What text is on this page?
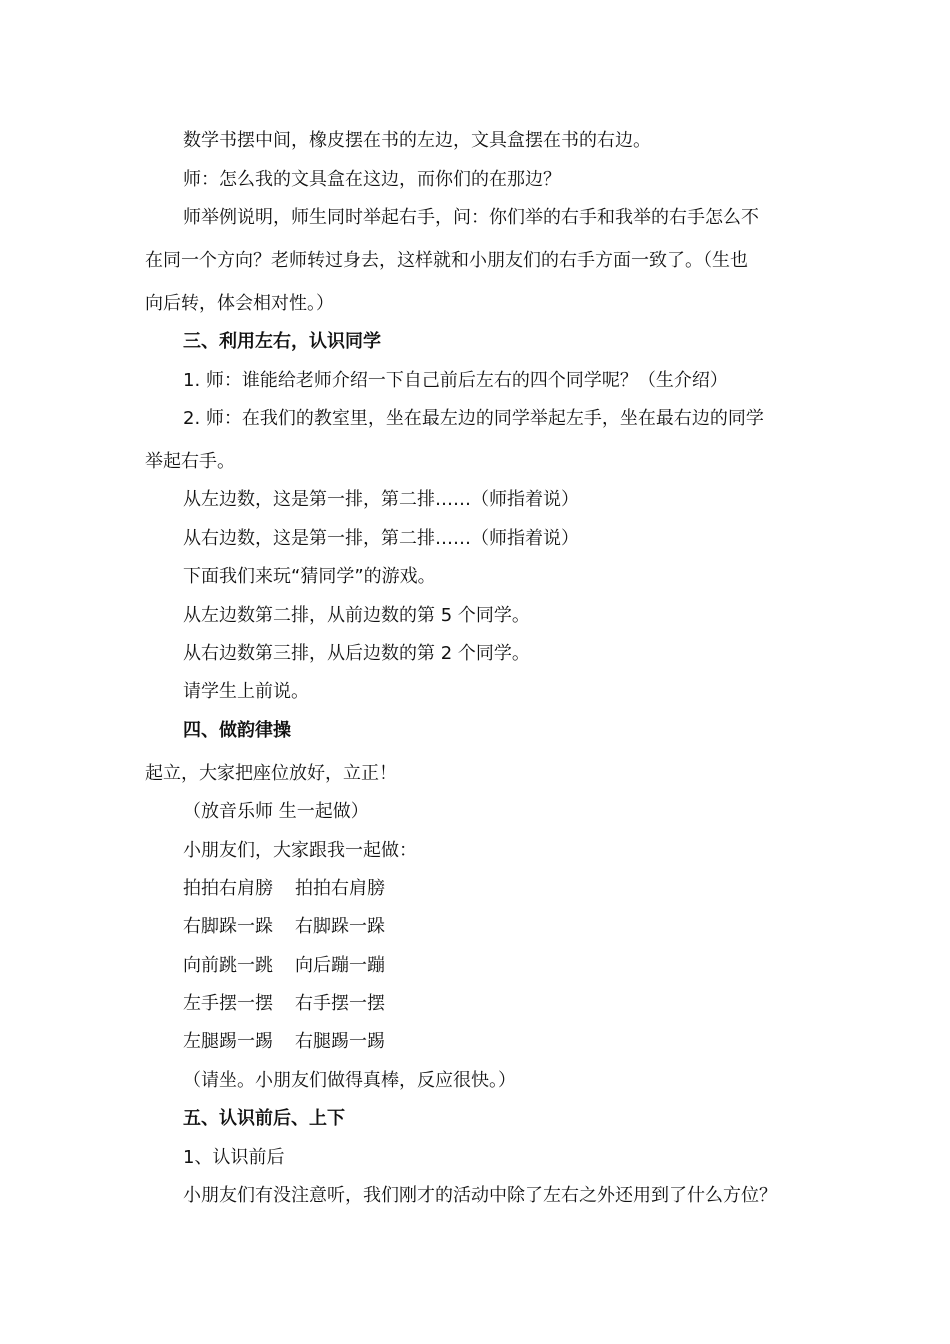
数学书摆中间，橡皮摆在书的左边，文具盒摆在书的右边。
师：怎么我的文具盒在这边，而你们的在那边？
师举例说明，师生同时举起右手，问：你们举的右手和我举的右手怎么不
在同一个方向？老师转过身去，这样就和小朋友们的右手方面一致了。（生也
向后转，体会相对性。）
三、利用左右，认识同学
1. 师：谁能给老师介绍一下自己前后左右的四个同学呢？（生介绍）
2. 师：在我们的教室里，坐在最左边的同学举起左手，坐在最右边的同学
举起右手。
从左边数，这是第一排，第二排……（师指着说）
从右边数，这是第一排，第二排……（师指着说）
下面我们来玩“猜同学”的游戏。
从左边数第二排，从前边数的第 5 个同学。
从右边数第三排，从后边数的第 2 个同学。
请学生上前说。
四、做韵律操
起立，大家把座位放好，立正！
（放音乐师 生一起做）
小朋友们，大家跟我一起做：
拍拍右肩膀 拍拍右肩膀
右脚跺一跺 右脚跺一跺
向前跳一跳 向后蹦一蹦
左手摆一摆 右手摆一摆
左腿踢一踢 右腿踢一踢
（请坐。小朋友们做得真棒，反应很快。）
五、认识前后、上下
1、认识前后
小朋友们有没注意听，我们刚才的活动中除了左右之外还用到了什么方位？
